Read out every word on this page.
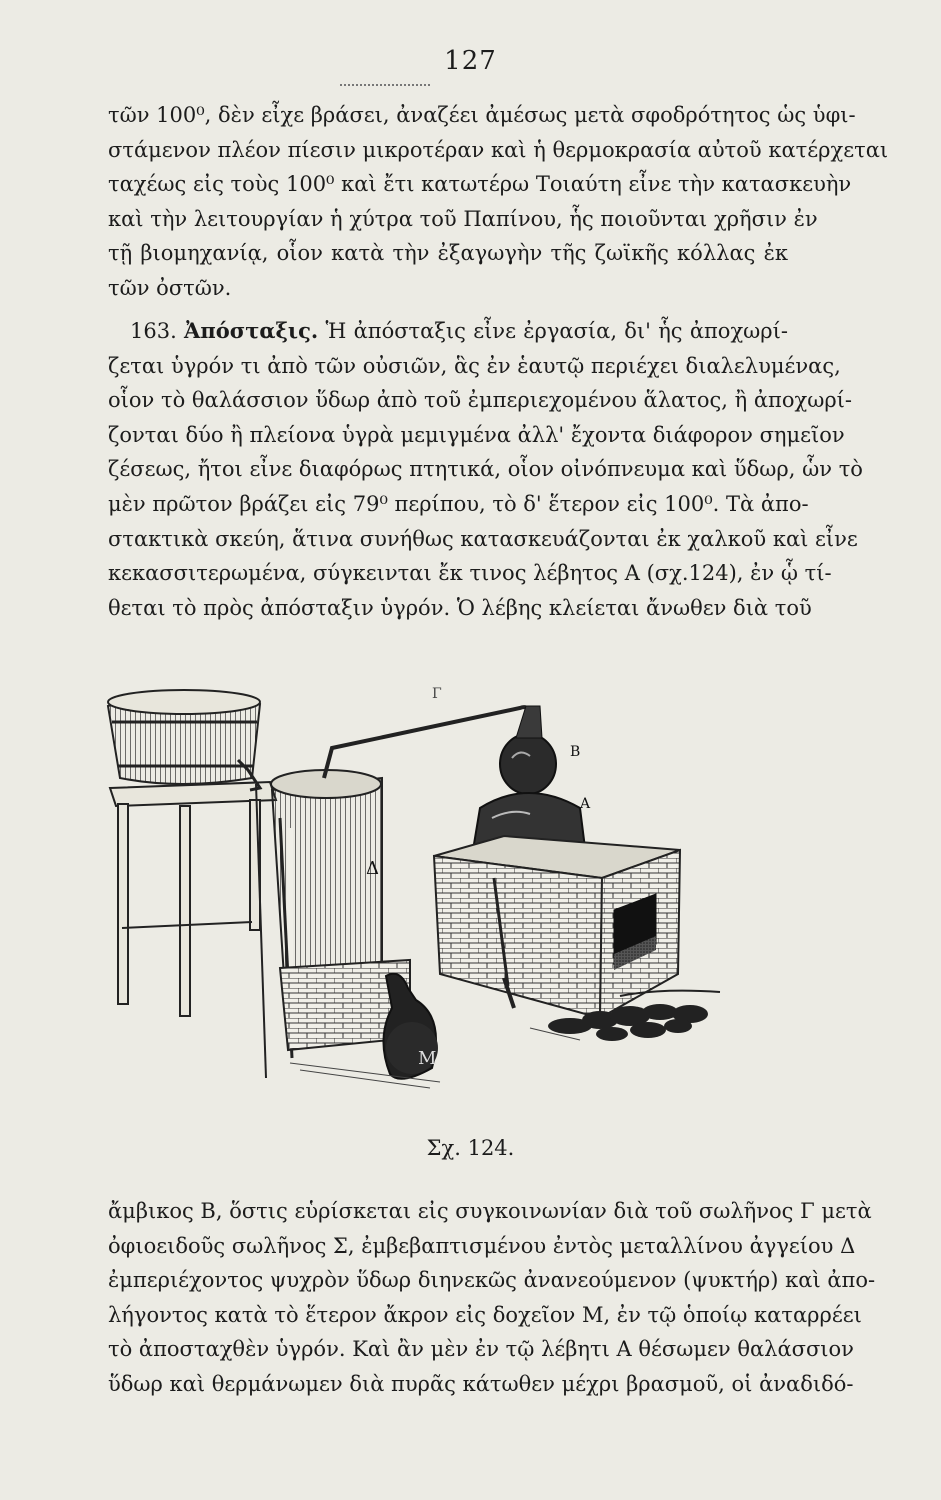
127
τῶν 100⁰, δὲν εἶχε βράσει, ἀναζέει ἀμέσως μετὰ σφοδρότητος ὡς ὑφι-
στάμενον πλέον πίεσιν μικροτέραν καὶ ἡ θερμοκρασία αὐτοῦ κατέρχεται
ταχέως εἰς τοὺς 100⁰ καὶ ἔτι κατωτέρω Τοιαύτη εἶνε τὴν κατασκευὴν
καὶ τὴν λειτουργίαν ἡ χύτρα τοῦ Παπίνου, ἧς ποιοῦνται χρῆσιν ἐν
τῇ βιομηχανίᾳ, οἷον κατὰ τὴν ἐξαγωγὴν τῆς ζωϊκῆς κόλλας ἐκ
τῶν ὀστῶν.
163. Ἀπόσταξις. Ἡ ἀπόσταξις εἶνε ἐργασία, δι' ἧς ἀποχωρί-
ζεται ὑγρόν τι ἀπὸ τῶν οὐσιῶν, ἃς ἐν ἑαυτῷ περιέχει διαλελυμένας,
οἷον τὸ θαλάσσιον ὕδωρ ἀπὸ τοῦ ἐμπεριεχομένου ἅλατος, ἢ ἀποχωρί-
ζονται δύο ἢ πλείονα ὑγρὰ μεμιγμένα ἀλλ' ἔχοντα διάφορον σημεῖον
ζέσεως, ἤτοι εἶνε διαφόρως πτητικά, οἷον οἰνόπνευμα καὶ ὕδωρ, ὧν τὸ
μὲν πρῶτον βράζει εἰς 79⁰ περίπου, τὸ δ' ἕτερον εἰς 100⁰. Τὰ ἀπο-
στακτικὰ σκεύη, ἅτινα συνήθως κατασκευάζονται ἐκ χαλκοῦ καὶ εἶνε
κεκασσιτερωμένα, σύγκεινται ἔκ τινος λέβητος Α (σχ.124), ἐν ᾧ τί-
θεται τὸ πρὸς ἀπόσταξιν ὑγρόν. Ὁ λέβης κλείεται ἄνωθεν διὰ τοῦ
Δ
Μ
Γ
Β
Α
Σχ. 124.
ἄμβικος Β, ὅστις εὑρίσκεται εἰς συγκοινωνίαν διὰ τοῦ σωλῆνος Γ μετὰ
ὀφιοειδοῦς σωλῆνος Σ, ἐμβεβαπτισμένου ἐντὸς μεταλλίνου ἀγγείου Δ
ἐμπεριέχοντος ψυχρὸν ὕδωρ διηνεκῶς ἀνανεούμενον (ψυκτήρ) καὶ ἀπο-
λήγοντος κατὰ τὸ ἕτερον ἄκρον εἰς δοχεῖον Μ, ἐν τῷ ὁποίῳ καταρρέει
τὸ ἀποσταχθὲν ὑγρόν. Καὶ ἂν μὲν ἐν τῷ λέβητι Α θέσωμεν θαλάσσιον
ὕδωρ καὶ θερμάνωμεν διὰ πυρᾶς κάτωθεν μέχρι βρασμοῦ, οἱ ἀναδιδό-
